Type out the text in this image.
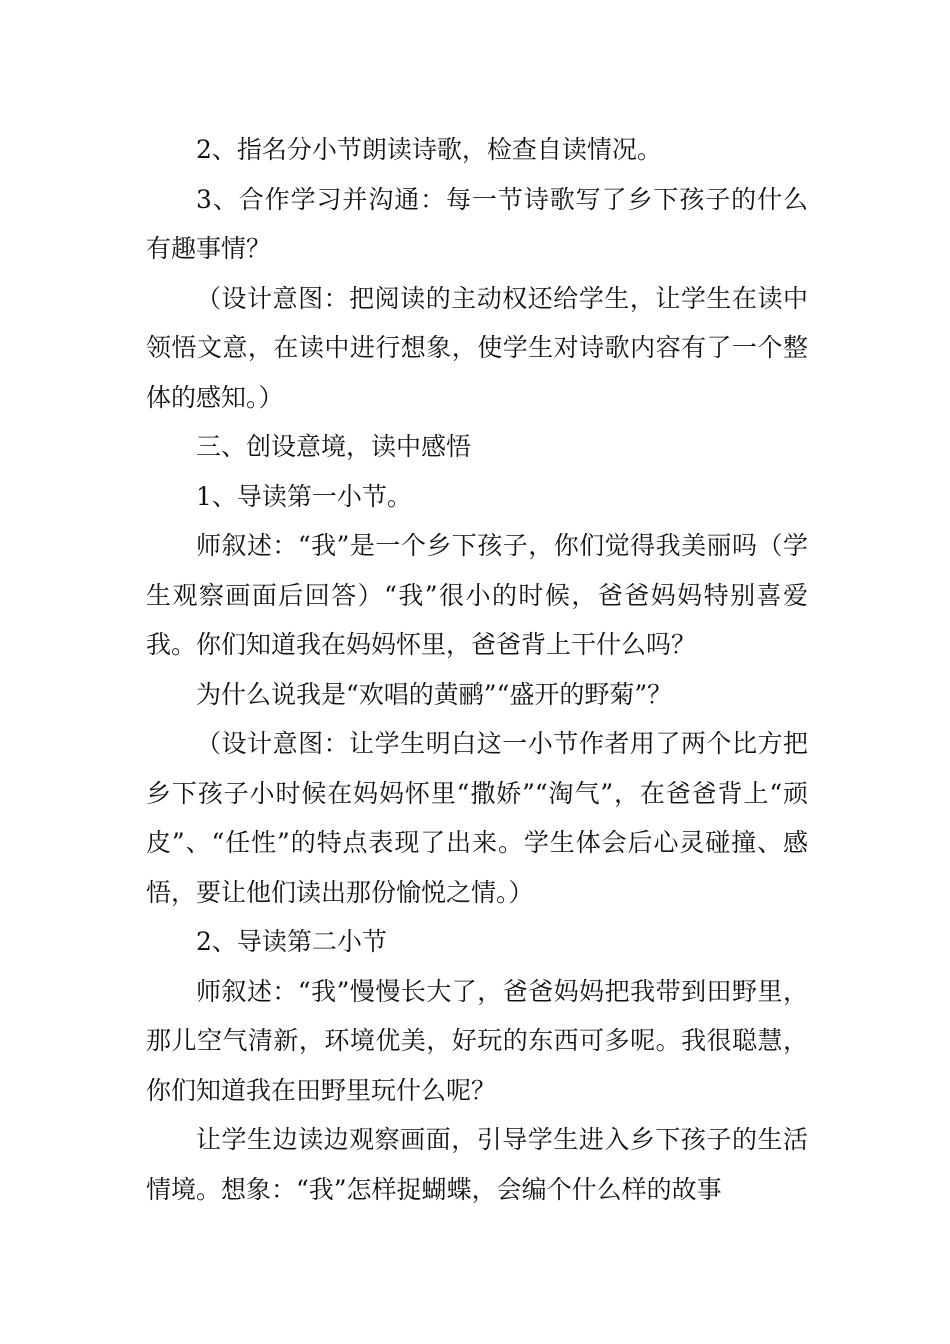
2、指名分小节朗读诗歌，检查自读情况。

3、合作学习并沟通：每一节诗歌写了乡下孩子的什么有趣事情？

（设计意图：把阅读的主动权还给学生，让学生在读中领悟文意，在读中进行想象，使学生对诗歌内容有了一个整体的感知。）

三、创设意境，读中感悟

1、导读第一小节。

师叙述：“我”是一个乡下孩子，你们觉得我美丽吗（学生观察画面后回答）“我”很小的时候，爸爸妈妈特别喜爱我。你们知道我在妈妈怀里，爸爸背上干什么吗？

为什么说我是“欢唱的黄鹂”“盛开的野菊”？

（设计意图：让学生明白这一小节作者用了两个比方把乡下孩子小时候在妈妈怀里“撒娇”“淘气”，在爸爸背上“顽皮”、“任性”的特点表现了出来。学生体会后心灵碰撞、感悟，要让他们读出那份愉悦之情。）

2、导读第二小节

师叙述：“我”慢慢长大了，爸爸妈妈把我带到田野里，那儿空气清新，环境优美，好玩的东西可多呢。我很聪慧，你们知道我在田野里玩什么呢？

让学生边读边观察画面，引导学生进入乡下孩子的生活情境。想象：“我”怎样捉蝴蝶，会编个什么样的故事
